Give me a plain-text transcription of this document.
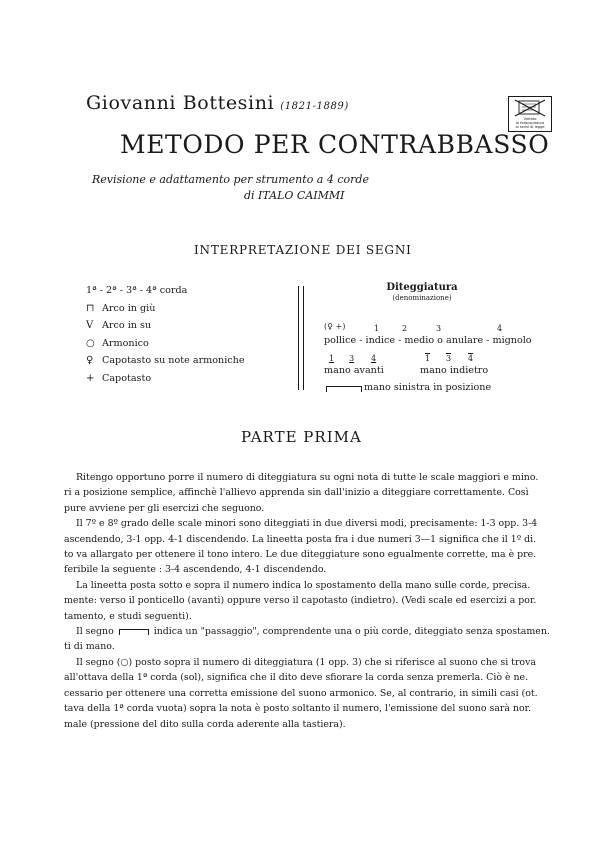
Giovanni Bottesini (1821-1889)
Vietato
la fotocopiatura
ai sensi di legge
METODO PER CONTRABBASSO
Revisione e adattamento per strumento a 4 corde
di ITALO CAIMMI
INTERPRETAZIONE DEI SEGNI
1ª - 2ª - 3ª - 4ª corda
⊓ Arco in giù
V Arco in su
○ Armonico
♀ Capotasto su note armoniche
+ Capotasto
Diteggiatura
(denominazione)
(♀ +)	1	2	3	4
pollice - indice - medio o anulare - mignolo
1 3 4	1 3 4
mano avanti	mano indietro
mano sinistra in posizione
PARTE PRIMA

Ritengo opportuno porre il numero di diteggiatura su ogni nota di tutte le scale maggiori e mino.

ri a posizione semplice, affinchè l'allievo apprenda sin dall'inizio a diteggiare correttamente. Così

pure avviene per gli esercizi che seguono.

Il 7º e 8º grado delle scale minori sono diteggiati in due diversi modi, precisamente: 1-3 opp. 3-4

ascendendo, 3-1 opp. 4-1 discendendo. La lineetta posta fra i due numeri 3—1 significa che il 1º di.

to va allargato per ottenere il tono intero. Le due diteggiature sono egualmente corrette, ma è pre.

feribile la seguente : 3-4 ascendendo, 4-1 discendendo.

La lineetta posta sotto e sopra il numero indica lo spostamento della mano sulle corde, precisa.

mente: verso il ponticello (avanti) oppure verso il capotasto (indietro). (Vedi scale ed esercizi a por.

tamento, e studi seguenti).

Il segno	indica un "passaggio", comprendente una o più corde, diteggiato senza spostamen.

ti di mano.

Il segno (○) posto sopra il numero di diteggiatura (1 opp. 3) che si riferisce al suono che si trova

all'ottava della 1ª corda (sol), significa che il dito deve sfiorare la corda senza premerla. Ciò è ne.

cessario per ottenere una corretta emissione del suono armonico. Se, al contrario, in simili casi (ot.

tava della 1ª corda vuota) sopra la nota è posto soltanto il numero, l'emissione del suono sarà nor.

male (pressione del dito sulla corda aderente alla tastiera).
